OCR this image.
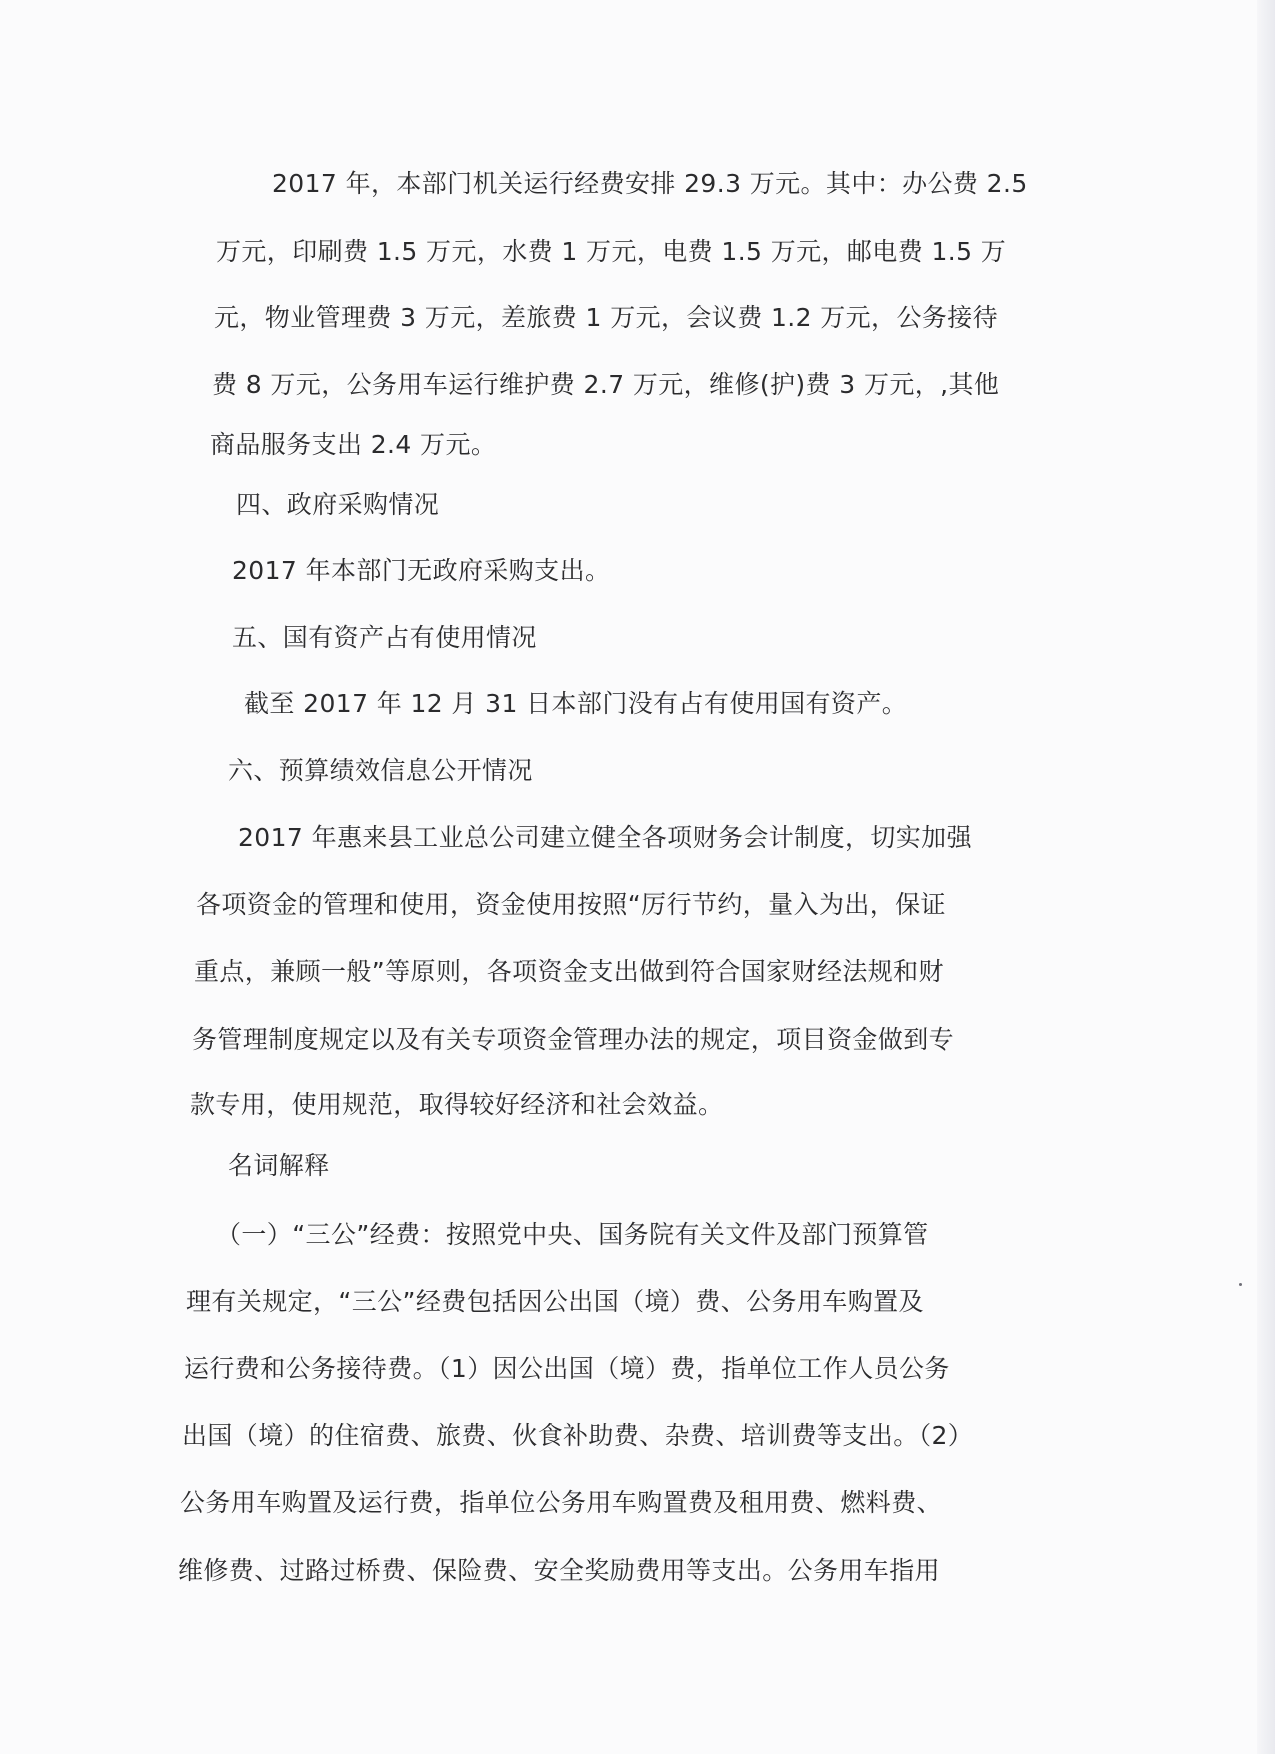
2017 年，本部门机关运行经费安排 29.3 万元。其中：办公费 2.5

万元，印刷费 1.5 万元，水费 1 万元，电费 1.5 万元，邮电费 1.5 万

元，物业管理费 3 万元，差旅费 1 万元，会议费 1.2 万元，公务接待

费 8 万元，公务用车运行维护费 2.7 万元，维修(护)费 3 万元，,其他

商品服务支出 2.4 万元。

四、政府采购情况

2017 年本部门无政府采购支出。

五、国有资产占有使用情况

截至 2017 年 12 月 31 日本部门没有占有使用国有资产。

六、预算绩效信息公开情况

2017 年惠来县工业总公司建立健全各项财务会计制度，切实加强

各项资金的管理和使用，资金使用按照“厉行节约，量入为出，保证

重点，兼顾一般”等原则，各项资金支出做到符合国家财经法规和财

务管理制度规定以及有关专项资金管理办法的规定，项目资金做到专

款专用，使用规范，取得较好经济和社会效益。

名词解释

（一）“三公”经费：按照党中央、国务院有关文件及部门预算管

理有关规定，“三公”经费包括因公出国（境）费、公务用车购置及

运行费和公务接待费。（1）因公出国（境）费，指单位工作人员公务

出国（境）的住宿费、旅费、伙食补助费、杂费、培训费等支出。（2）

公务用车购置及运行费，指单位公务用车购置费及租用费、燃料费、

维修费、过路过桥费、保险费、安全奖励费用等支出。公务用车指用
